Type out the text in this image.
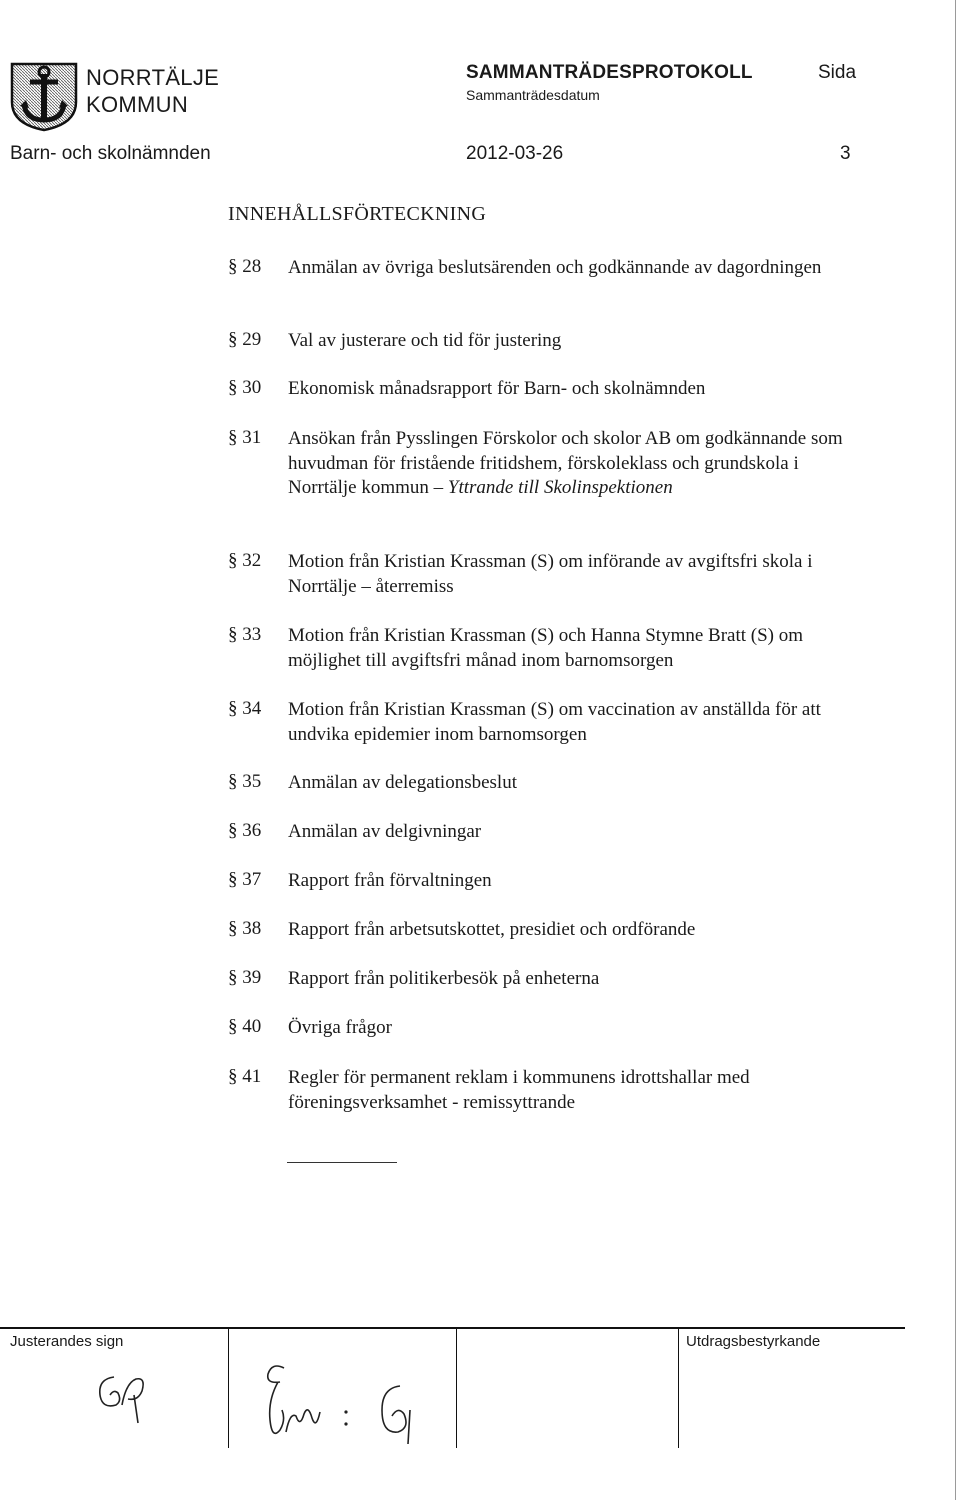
NORRTÄLJE
KOMMUN
SAMMANTRÄDESPROTOKOLL
Sammanträdesdatum
Sida
Barn- och skolnämnden	2012-03-26	3
INNEHÅLLSFÖRTECKNING
§ 28 Anmälan av övriga beslutsärenden och godkännande av dagordningen
§ 29 Val av justerare och tid för justering
§ 30 Ekonomisk månadsrapport för Barn- och skolnämnden
§ 31 Ansökan från Pysslingen Förskolor och skolor AB om godkännande som huvudman för fristående fritidshem, förskoleklass och grundskola i Norrtälje kommun – Yttrande till Skolinspektionen
§ 32 Motion från Kristian Krassman (S) om införande av avgiftsfri skola i Norrtälje – återremiss
§ 33 Motion från Kristian Krassman (S) och Hanna Stymne Bratt (S) om möjlighet till avgiftsfri månad inom barnomsorgen
§ 34 Motion från Kristian Krassman (S) om vaccination av anställda för att undvika epidemier inom barnomsorgen
§ 35 Anmälan av delegationsbeslut
§ 36 Anmälan av delgivningar
§ 37 Rapport från förvaltningen
§ 38 Rapport från arbetsutskottet, presidiet och ordförande
§ 39 Rapport från politikerbesök på enheterna
§ 40 Övriga frågor
§ 41 Regler för permanent reklam i kommunens idrottshallar med föreningsverksamhet - remissyttrande
Justerandes sign	Utdragsbestyrkande
